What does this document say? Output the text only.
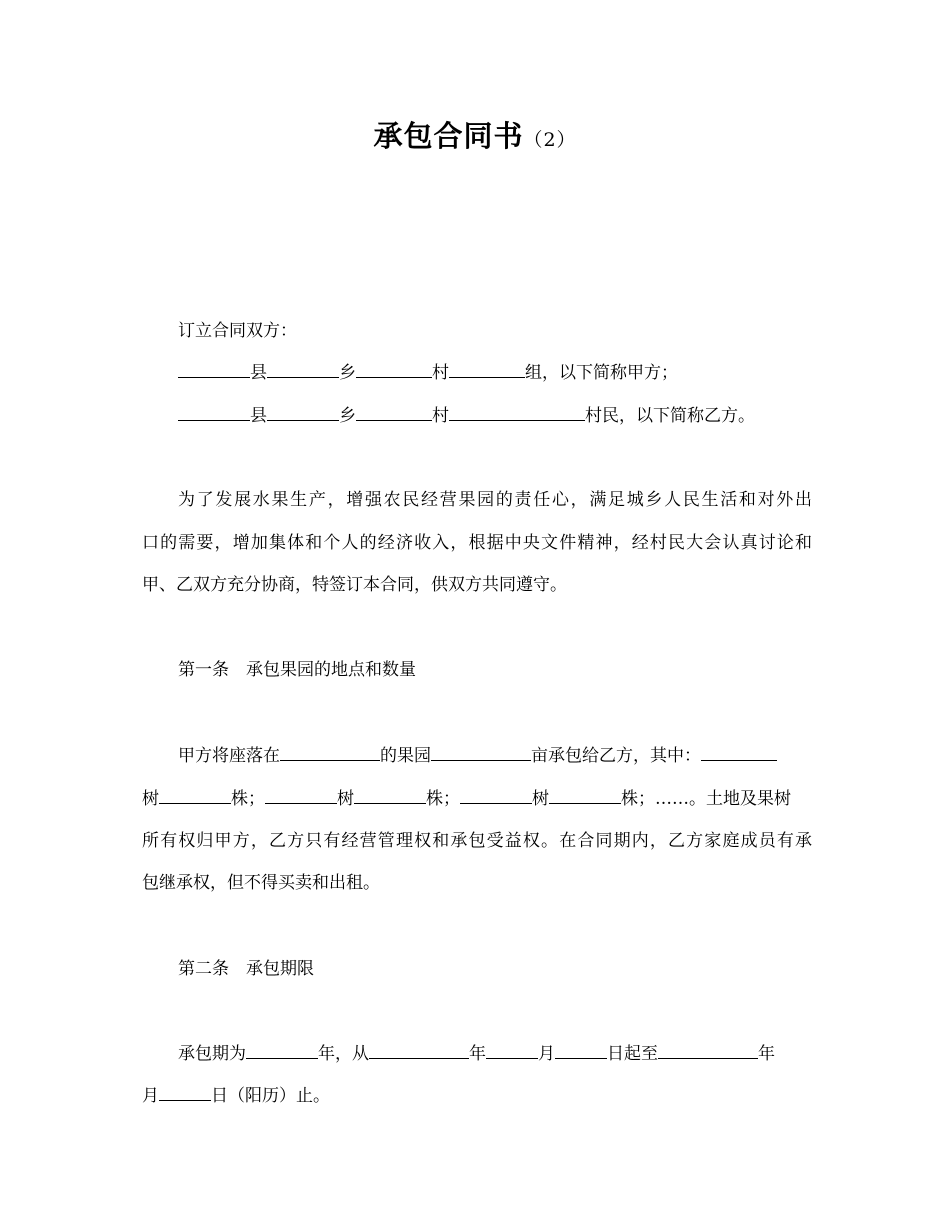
承包合同书（2）
订立合同双方：
县	乡	村	组，以下简称甲方；
县	乡	村	村民，以下简称乙方。
为了发展水果生产，增强农民经营果园的责任心，满足城乡人民生活和对外出
口的需要，增加集体和个人的经济收入，根据中央文件精神，经村民大会认真讨论和
甲、乙双方充分协商，特签订本合同，供双方共同遵守。
第一条　承包果园的地点和数量
甲方将座落在	的果园	亩承包给乙方，其中：
树	株；	树	株；	树	株；……。土地及果树
所有权归甲方，乙方只有经营管理权和承包受益权。在合同期内，乙方家庭成员有承
包继承权，但不得买卖和出租。
第二条　承包期限
承包期为	年，从	年	月	日起至	年
月	日（阳历）止。
